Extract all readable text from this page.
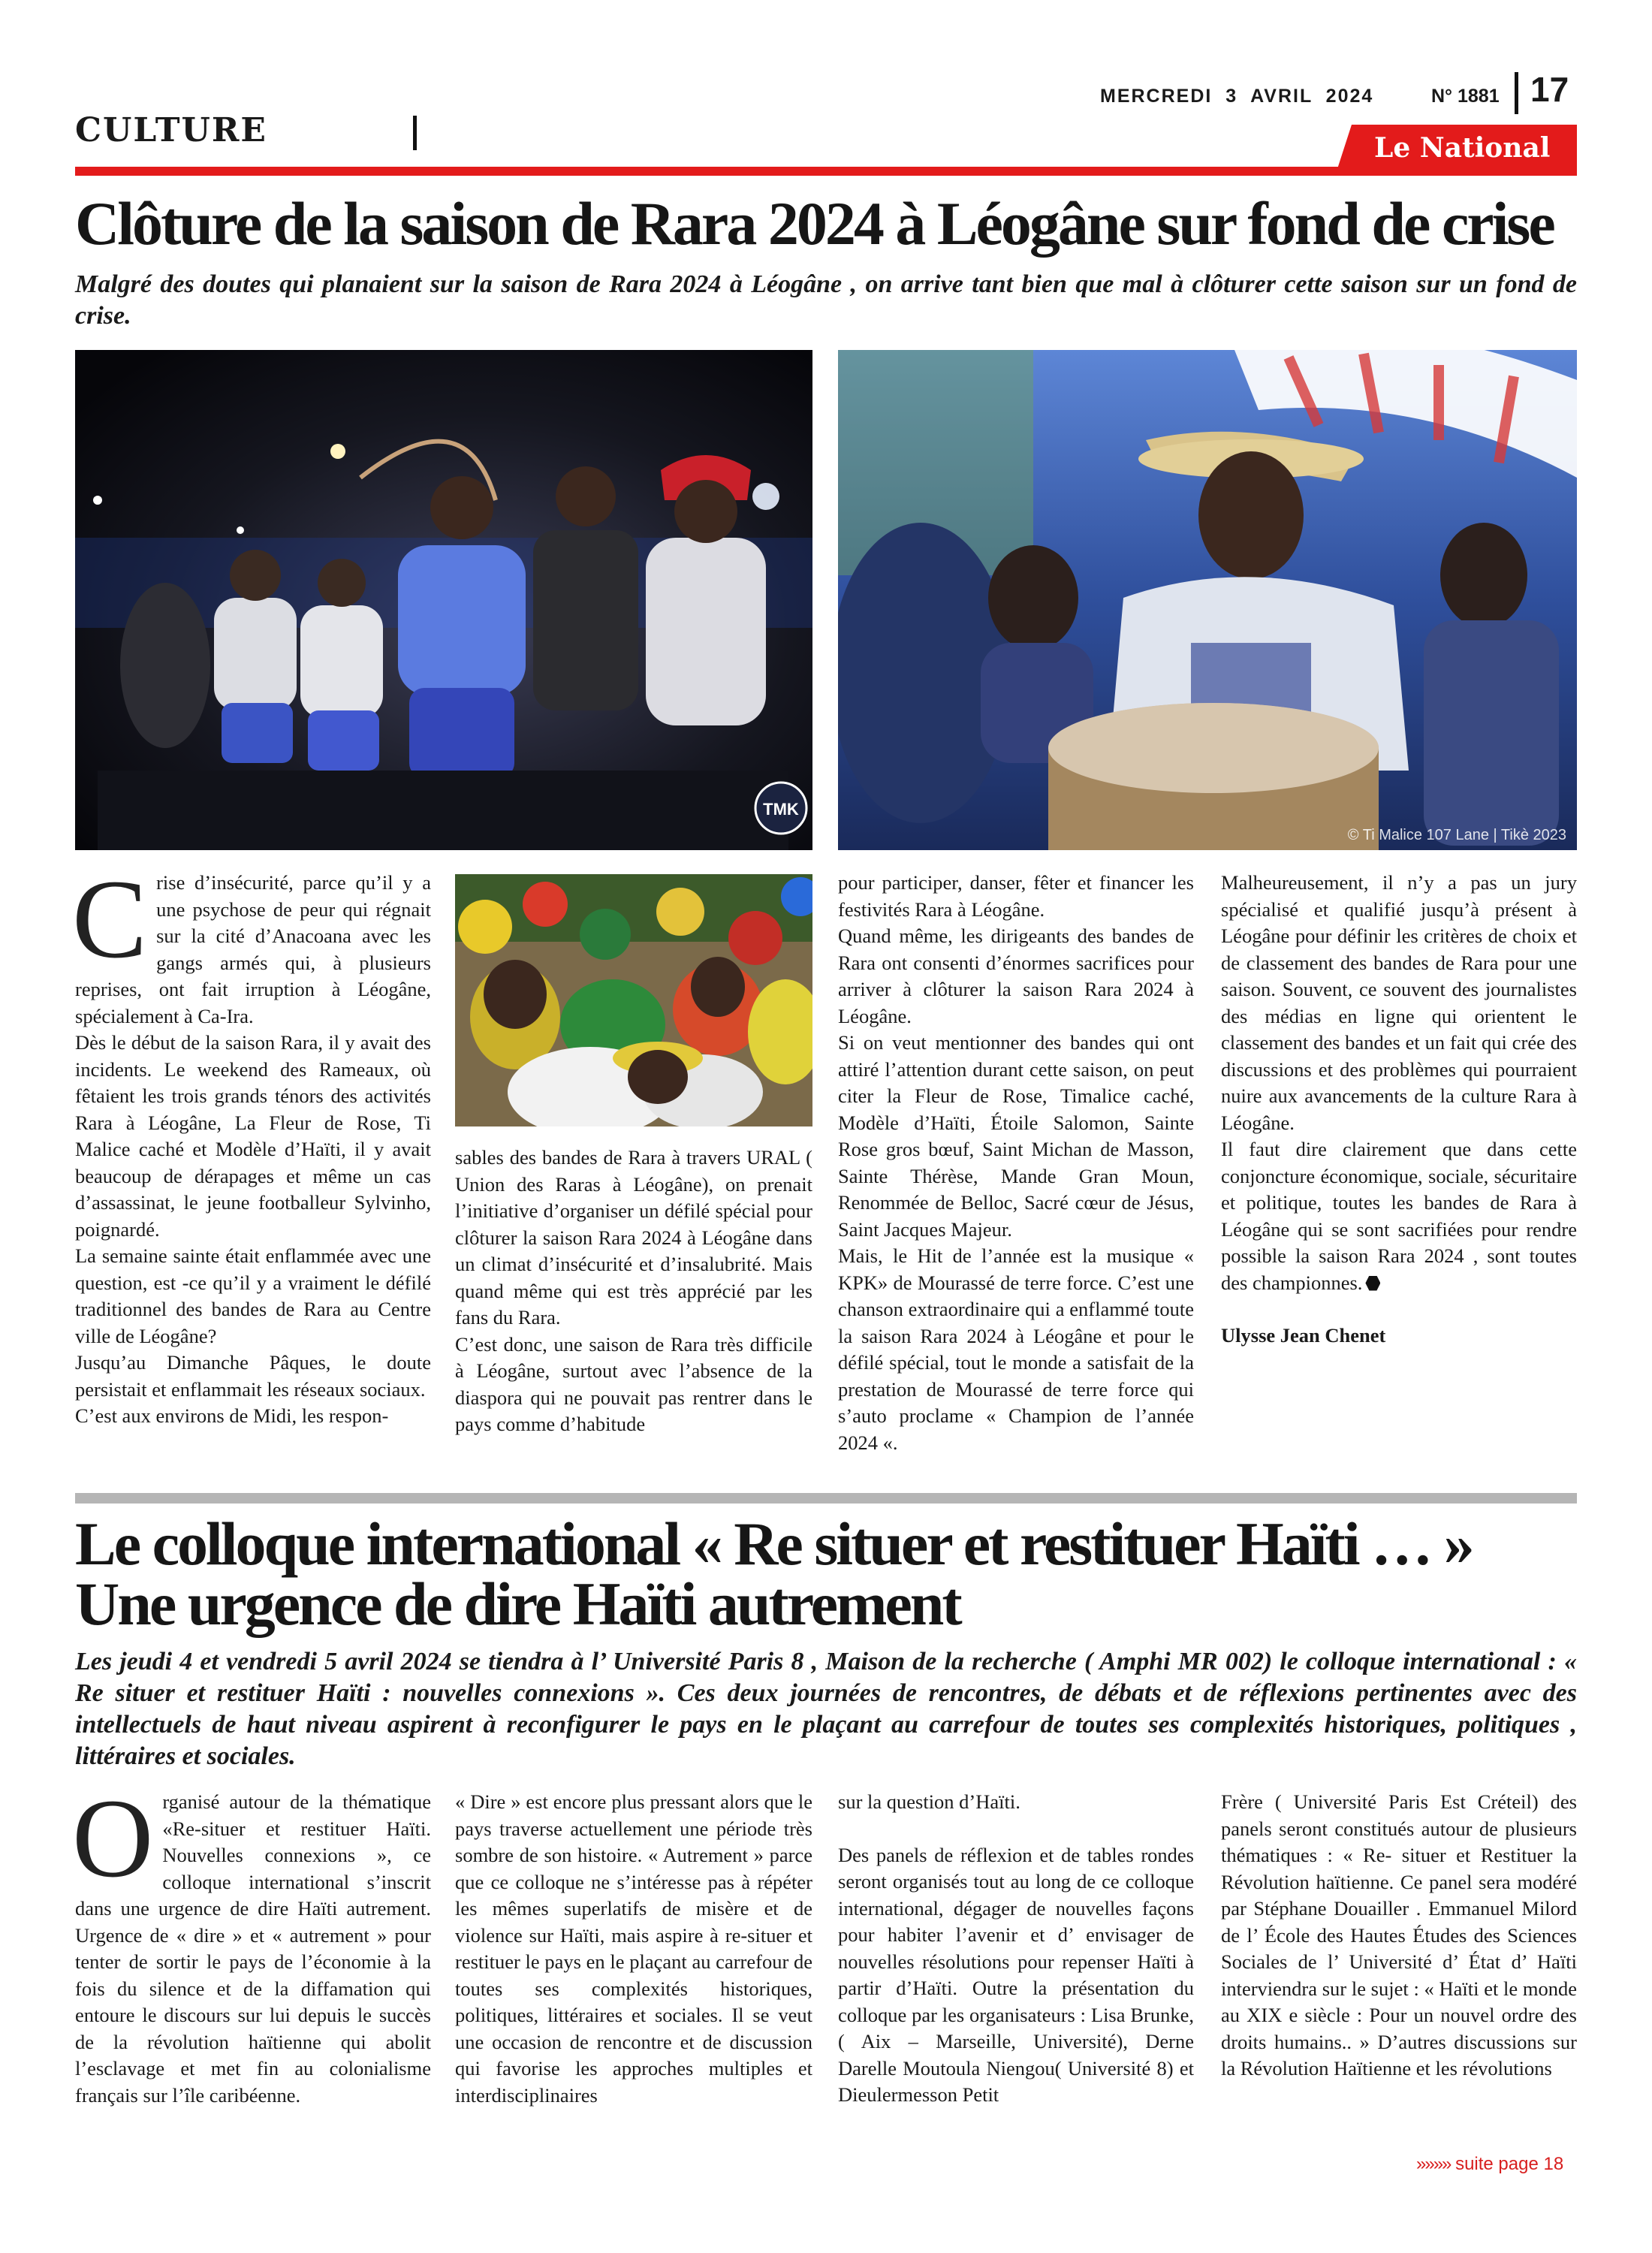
CULTURE
MERCREDI  3  AVRIL  2024	N° 1881 17
Le National
Clôture de la saison de Rara 2024 à Léogâne sur fond de crise
Malgré des doutes qui planaient sur la saison de Rara 2024 à Léogâne , on arrive tant bien que mal à clôturer cette saison sur un fond de crise.
TMK
© Ti Malice 107 Lane | Tikè 2023
C rise d’insécurité, parce qu’il y a une psychose de peur qui régnait sur la cité d’Anacoana avec les gangs armés qui, à plusieurs reprises, ont fait irruption à Léogâne, spécialement à Ca-Ira.

Dès le début de la saison Rara, il y avait des incidents. Le weekend des Rameaux, où fêtaient les trois grands ténors des activités Rara à Léogâne, La Fleur de Rose, Ti Malice caché et Modèle d’Haïti, il y avait beaucoup de dérapages et même un cas d’assassinat, le jeune footballeur Sylvinho, poignardé.

La semaine sainte était enflammée avec une question, est -ce qu’il y a vraiment le défilé traditionnel des bandes de Rara au Centre ville de Léogâne?

Jusqu’au Dimanche Pâques, le doute persistait et enflammait les réseaux sociaux.

C’est aux environs de Midi, les respon-

sables des bandes de Rara à travers URAL ( Union des Raras à Léogâne), on prenait l’initiative d’organiser un défilé spécial pour clôturer la saison Rara 2024 à Léogâne dans un climat d’insécurité et d’insalubrité. Mais quand même qui est très apprécié par les fans du Rara.

C’est donc, une saison de Rara très difficile à Léogâne, surtout avec l’absence de la diaspora qui ne pouvait pas rentrer dans le pays comme d’habitude

pour participer, danser, fêter et financer les festivités Rara à Léogâne.

Quand même, les dirigeants des bandes de Rara ont consenti d’énormes sacrifices pour arriver à clôturer la saison Rara 2024 à Léogâne.

Si on veut mentionner des bandes qui ont attiré l’attention durant cette saison, on peut citer la Fleur de Rose, Timalice caché, Modèle d’Haïti, Étoile Salomon, Sainte Rose gros bœuf, Saint Michan de Masson, Sainte Thérèse, Mande Gran Moun, Renommée de Belloc, Sacré cœur de Jésus, Saint Jacques Majeur.

Mais, le Hit de l’année est la musique « KPK» de Mourassé de terre force. C’est une chanson extraordinaire qui a enflammé toute la saison Rara 2024 à Léogâne et pour le défilé spécial, tout le monde a satisfait de la prestation de Mourassé de terre force qui s’auto proclame « Champion de l’année 2024 «.

Malheureusement, il n’y a pas un jury spécialisé et qualifié jusqu’à présent à Léogâne pour définir les critères de choix et de classement des bandes de Rara pour une saison. Souvent, ce souvent des journalistes des médias en ligne qui orientent le classement des bandes et un fait qui crée des discussions et des problèmes qui pourraient nuire aux avancements de la culture Rara à Léogâne.

Il faut dire clairement que dans cette conjoncture économique, sociale, sécuritaire et politique, toutes les bandes de Rara à Léogâne qui se sont sacrifiées pour rendre possible la saison Rara 2024 , sont toutes des championnes.

Ulysse Jean Chenet

Le colloque international « Re situer et restituer Haïti … »
Une urgence de dire Haïti autrement
Les jeudi 4 et vendredi 5 avril 2024 se tiendra à l’ Université Paris 8 , Maison de la recherche ( Amphi MR 002) le colloque international : « Re situer et restituer Haïti : nouvelles connexions ». Ces deux journées de rencontres, de débats et de réflexions pertinentes avec des intellectuels de haut niveau aspirent à reconfigurer le pays en le plaçant au carrefour de toutes ses complexités historiques, politiques , littéraires et sociales.
O rganisé autour de la thématique «Re-situer et restituer Haïti. Nouvelles connexions », ce colloque international s’inscrit dans une urgence de dire Haïti autrement. Urgence de « dire » et « autrement » pour tenter de sortir le pays de l’économie à la fois du silence et de la diffamation qui entoure le discours sur lui depuis le succès de la révolution haïtienne qui abolit l’esclavage et met fin au colonialisme français sur l’île caribéenne.

« Dire » est encore plus pressant alors que le pays traverse actuellement une période très sombre de son histoire. « Autrement » parce que ce colloque ne s’intéresse pas à répéter les mêmes superlatifs de misère et de violence sur Haïti, mais aspire à re-situer et restituer le pays en le plaçant au carrefour de toutes ses complexités historiques, politiques, littéraires et sociales. Il se veut une occasion de rencontre et de discussion qui favorise les approches multiples et interdisciplinaires

sur la question d’Haïti.

Des panels de réflexion et de tables rondes seront organisés tout au long de ce colloque international, dégager de nouvelles façons pour habiter l’avenir et d’ envisager de nouvelles résolutions pour repenser Haïti à partir d’Haïti. Outre la présentation du colloque par les organisateurs : Lisa Brunke,( Aix – Marseille, Université), Derne Darelle Moutoula Niengou( Université 8) et Dieulermesson Petit

Frère ( Université Paris Est Créteil) des panels seront constitués autour de plusieurs thématiques : « Re- situer et Restituer la Révolution haïtienne. Ce panel sera modéré par Stéphane Douailler . Emmanuel Milord de l’ École des Hautes Études des Sciences Sociales de l’ Université d’ État d’ Haïti interviendra sur le sujet : « Haïti et le monde au XIX e siècle : Pour un nouvel ordre des droits humains.. » D’autres discussions sur la Révolution Haïtienne et les révolutions

»»»» suite page 18
